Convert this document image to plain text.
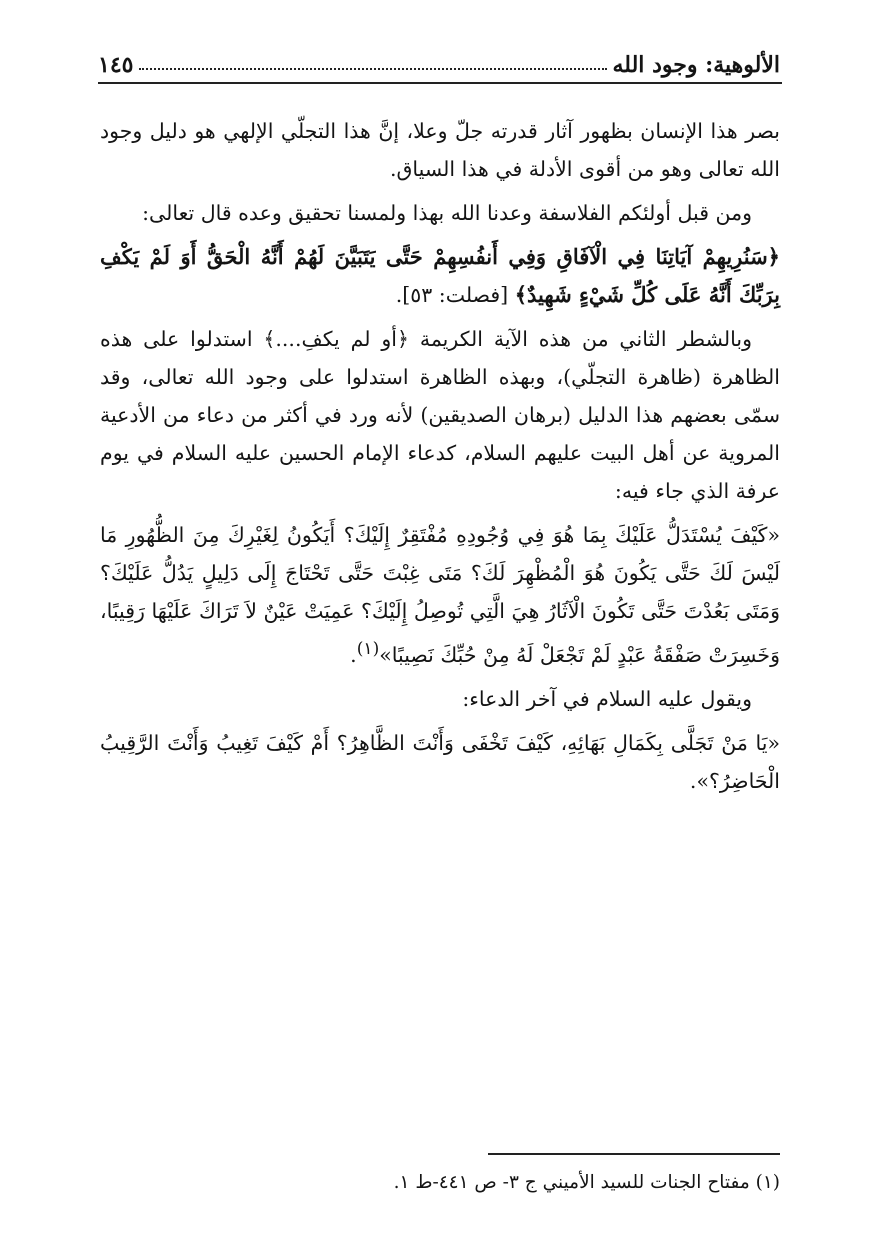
الألوهية: وجود الله
١٤٥

بصر هذا الإنسان بظهور آثار قدرته جلّ وعلا، إنَّ هذا التجلّي الإلهي هو دليل وجود الله تعالى وهو من أقوى الأدلة في هذا السياق.

ومن قبل أولئكم الفلاسفة وعدنا الله بهذا ولمسنا تحقيق وعده قال تعالى:

﴿سَنُرِيهِمْ آيَاتِنَا فِي الْآفَاقِ وَفِي أَنفُسِهِمْ حَتَّى يَتَبَيَّنَ لَهُمْ أَنَّهُ الْحَقُّ أَوَ لَمْ يَكْفِ بِرَبِّكَ أَنَّهُ عَلَى كُلِّ شَيْءٍ شَهِيدٌ﴾ [فصلت: ٥٣].

وبالشطر الثاني من هذه الآية الكريمة ﴿أو لم يكفِ....﴾ استدلوا على هذه الظاهرة (ظاهرة التجلّي)، وبهذه الظاهرة استدلوا على وجود الله تعالى، وقد سمّى بعضهم هذا الدليل (برهان الصديقين) لأنه ورد في أكثر من دعاء من الأدعية المروية عن أهل البيت عليهم السلام، كدعاء الإمام الحسين عليه السلام في يوم عرفة الذي جاء فيه:

«كَيْفَ يُسْتَدَلُّ عَلَيْكَ بِمَا هُوَ فِي وُجُودِهِ مُفْتَقِرٌ إِلَيْكَ؟ أَيَكُونُ لِغَيْرِكَ مِنَ الظُّهُورِ مَا لَيْسَ لَكَ حَتَّى يَكُونَ هُوَ الْمُظْهِرَ لَكَ؟ مَتَى غِبْتَ حَتَّى تَحْتَاجَ إِلَى دَلِيلٍ يَدُلُّ عَلَيْكَ؟ وَمَتَى بَعُدْتَ حَتَّى تَكُونَ الْآثَارُ هِيَ الَّتِي تُوصِلُ إِلَيْكَ؟ عَمِيَتْ عَيْنٌ لاَ تَرَاكَ عَلَيْهَا رَقِيبًا، وَخَسِرَتْ صَفْقَةُ عَبْدٍ لَمْ تَجْعَلْ لَهُ مِنْ حُبِّكَ نَصِيبًا»$^{(١)}$.

ويقول عليه السلام في آخر الدعاء:

«يَا مَنْ تَجَلَّى بِكَمَالِ بَهَائِهِ، كَيْفَ تَخْفَى وَأَنْتَ الظَّاهِرُ؟ أَمْ كَيْفَ تَغِيبُ وَأَنْتَ الرَّقِيبُ الْحَاضِرُ؟».

(١) مفتاح الجنات للسيد الأميني ج ٣- ص ٤٤١-ط ١.
